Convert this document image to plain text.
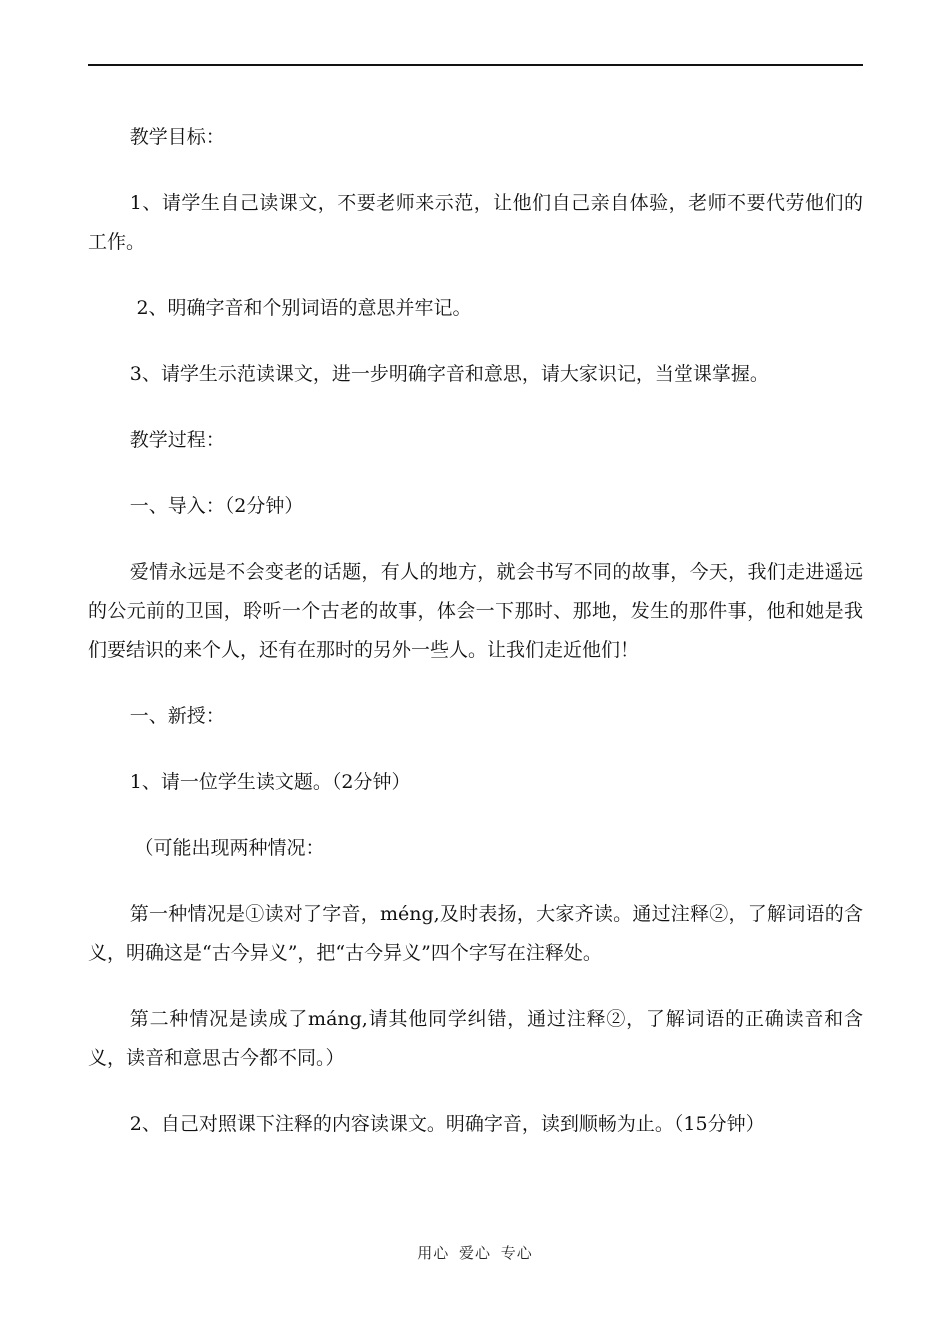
教学目标：

1、请学生自己读课文，不要老师来示范，让他们自己亲自体验，老师不要代劳他们的工作。

2、明确字音和个别词语的意思并牢记。

3、请学生示范读课文，进一步明确字音和意思，请大家识记，当堂课掌握。

教学过程：

一、导入：（2分钟）

爱情永远是不会变老的话题，有人的地方，就会书写不同的故事，今天，我们走进遥远的公元前的卫国，聆听一个古老的故事，体会一下那时、那地，发生的那件事，他和她是我们要结识的来个人，还有在那时的另外一些人。让我们走近他们！

一、新授：

1、请一位学生读文题。（2分钟）

（可能出现两种情况：

第一种情况是①读对了字音，méng,及时表扬，大家齐读。通过注释②，了解词语的含义，明确这是“古今异义”，把“古今异义”四个字写在注释处。

第二种情况是读成了máng,请其他同学纠错，通过注释②，了解词语的正确读音和含义，读音和意思古今都不同。）

2、自己对照课下注释的内容读课文。明确字音，读到顺畅为止。（15分钟）

用心 爱心 专心
